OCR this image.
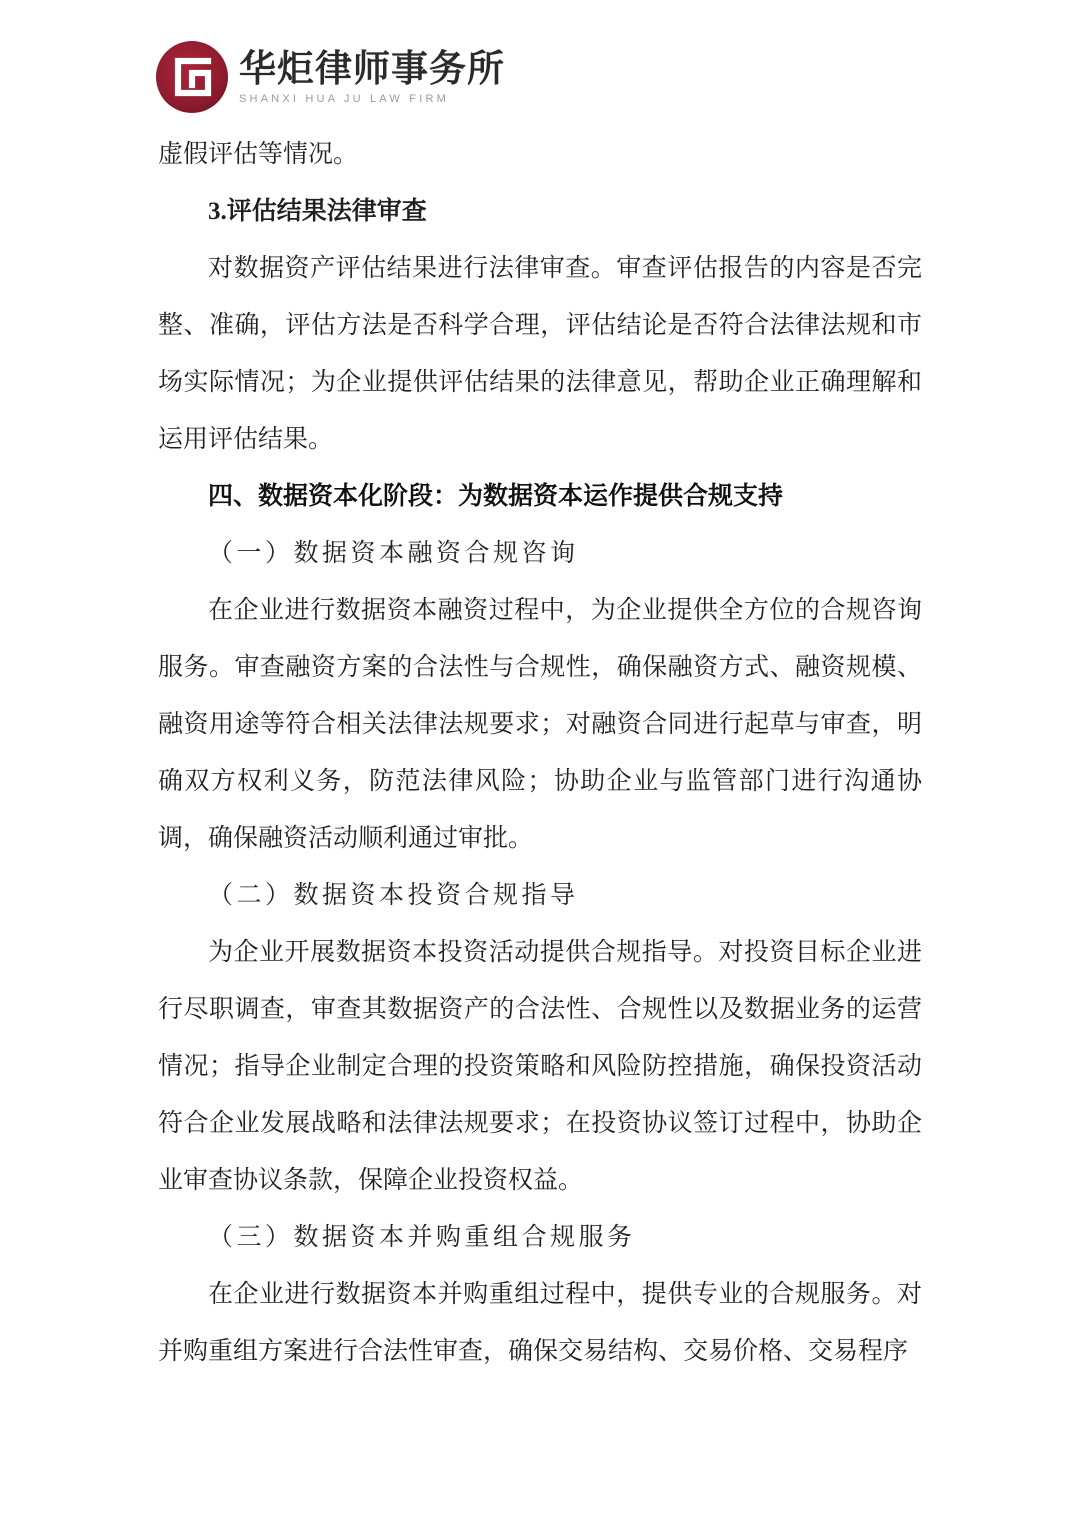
华炬律师事务所
SHANXI HUA JU LAW FIRM

虚假评估等情况。

3.评估结果法律审查

对数据资产评估结果进行法律审查。审查评估报告的内容是否完整、准确，评估方法是否科学合理，评估结论是否符合法律法规和市场实际情况；为企业提供评估结果的法律意见，帮助企业正确理解和运用评估结果。

四、数据资本化阶段：为数据资本运作提供合规支持
（一）数据资本融资合规咨询

在企业进行数据资本融资过程中，为企业提供全方位的合规咨询服务。审查融资方案的合法性与合规性，确保融资方式、融资规模、融资用途等符合相关法律法规要求；对融资合同进行起草与审查，明确双方权利义务，防范法律风险；协助企业与监管部门进行沟通协调，确保融资活动顺利通过审批。

（二）数据资本投资合规指导

为企业开展数据资本投资活动提供合规指导。对投资目标企业进行尽职调查，审查其数据资产的合法性、合规性以及数据业务的运营情况；指导企业制定合理的投资策略和风险防控措施，确保投资活动符合企业发展战略和法律法规要求；在投资协议签订过程中，协助企业审查协议条款，保障企业投资权益。

（三）数据资本并购重组合规服务

在企业进行数据资本并购重组过程中，提供专业的合规服务。对并购重组方案进行合法性审查，确保交易结构、交易价格、交易程序
